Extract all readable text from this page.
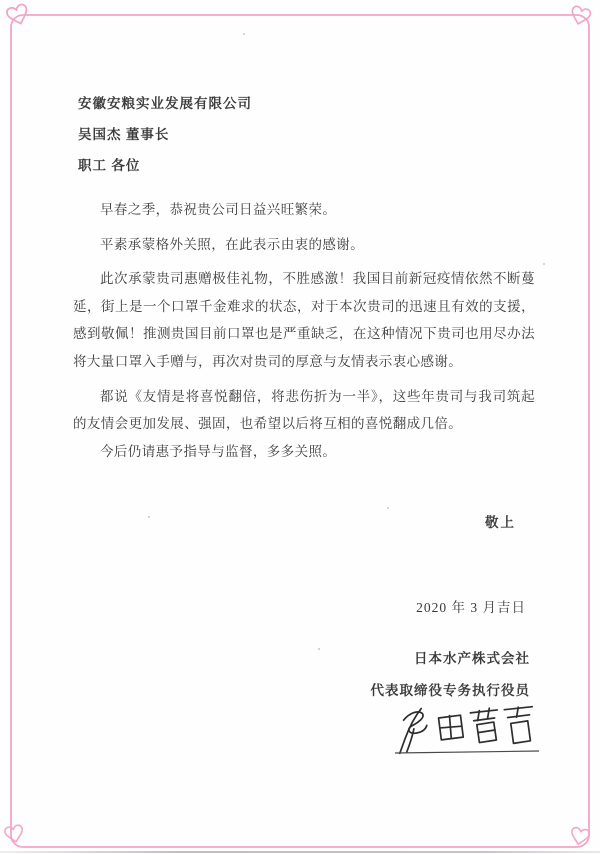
安徽安粮实业发展有限公司
吴国杰 董事长
职工 各位

早春之季，恭祝贵公司日益兴旺繁荣。

平素承蒙格外关照，在此表示由衷的感谢。

此次承蒙贵司惠赠极佳礼物，不胜感激！我国目前新冠疫情依然不断蔓延，街上是一个口罩千金难求的状态，对于本次贵司的迅速且有效的支援，感到敬佩！推测贵国目前口罩也是严重缺乏，在这种情况下贵司也用尽办法将大量口罩入手赠与，再次对贵司的厚意与友情表示衷心感谢。

都说《友情是将喜悦翻倍，将悲伤折为一半》，这些年贵司与我司筑起的友情会更加发展、强固，也希望以后将互相的喜悦翻成几倍。

今后仍请惠予指导与监督，多多关照。

敬上
2020 年 3 月吉日
日本水产株式会社
代表取缔役专务执行役员
